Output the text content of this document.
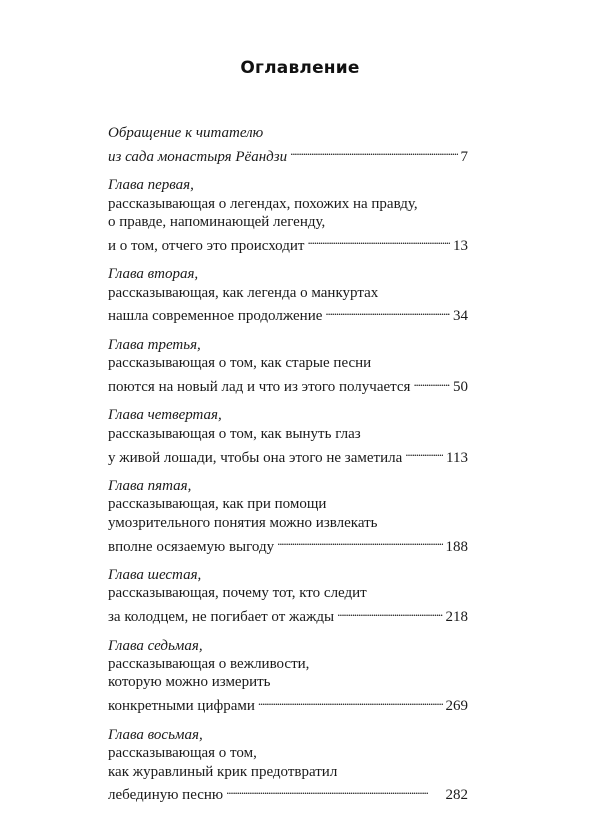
Оглавление
Обращение к читателю
из сада монастыря Рёандзи . . .	7
Глава первая,
рассказывающая о легендах, похожих на правду,
о правде, напоминающей легенду,
и о том, отчего это происходит . . .	13
Глава вторая,
рассказывающая, как легенда о манкуртах
нашла современное продолжение . . .	34
Глава третья,
рассказывающая о том, как старые песни
поются на новый лад и что из этого получается . . .	50
Глава четвертая,
рассказывающая о том, как вынуть глаз
у живой лошади, чтобы она этого не заметила . . .	113
Глава пятая,
рассказывающая, как при помощи
умозрительного понятия можно извлекать
вполне осязаемую выгоду . . .	188
Глава шестая,
рассказывающая, почему тот, кто следит
за колодцем, не погибает от жажды . . .	218
Глава седьмая,
рассказывающая о вежливости,
которую можно измерить
конкретными цифрами . . .	269
Глава восьмая,
рассказывающая о том,
как журавлиный крик предотвратил
лебединую песню . . .	282
